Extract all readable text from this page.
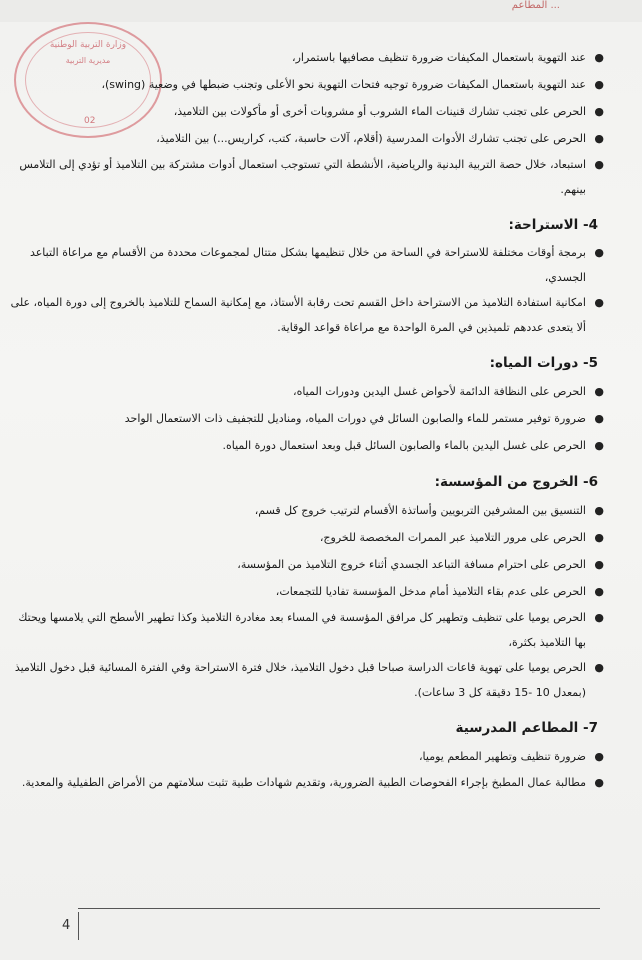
... المطاعم
وزارة التربية الوطنية
مديرية التربية
02

●
عند التهوية باستعمال المكيفات ضرورة تنظيف مصافيها باستمرار،

●
عند التهوية باستعمال المكيفات ضرورة توجيه فتحات التهوية نحو الأعلى وتجنب ضبطها في وضعية (swing)،

●
الحرص على تجنب تشارك قنينات الماء الشروب أو مشروبات أخرى أو مأكولات بين التلاميذ،

●
الحرص على تجنب تشارك الأدوات المدرسية (أقلام، آلات حاسبة، كتب، كراريس...) بين التلاميذ،

●
استبعاد، خلال حصة التربية البدنية والرياضية، الأنشطة التي تستوجب استعمال أدوات مشتركة بين التلاميذ أو تؤدي إلى التلامس بينهم.

4- الاستراحة:

●
برمجة أوقات مختلفة للاستراحة في الساحة من خلال تنظيمها بشكل متتال لمجموعات محددة من الأقسام مع مراعاة التباعد الجسدي،

●
امكانية استفادة التلاميذ من الاستراحة داخل القسم تحت رقابة الأستاذ، مع إمكانية السماح للتلاميذ بالخروج إلى دورة المياه، على ألا يتعدى عددهم تلميذين في المرة الواحدة مع مراعاة قواعد الوقاية.

5- دورات المياه:

●
الحرص على النظافة الدائمة لأحواض غسل اليدين ودورات المياه،

●
ضرورة توفير مستمر للماء والصابون السائل في دورات المياه، ومناديل للتجفيف ذات الاستعمال الواحد

●
الحرص على غسل اليدين بالماء والصابون السائل قبل وبعد استعمال دورة المياه.

6- الخروج من المؤسسة:

●
التنسيق بين المشرفين التربويين وأساتذة الأقسام لترتيب خروج كل قسم،

●
الحرص على مرور التلاميذ عبر الممرات المخصصة للخروج،

●
الحرص على احترام مسافة التباعد الجسدي أثناء خروج التلاميذ من المؤسسة،

●
الحرص على عدم بقاء التلاميذ أمام مدخل المؤسسة تفاديا للتجمعات،

●
الحرص يوميا على تنظيف وتطهير كل مرافق المؤسسة في المساء بعد مغادرة التلاميذ وكذا تطهير الأسطح التي يلامسها ويحتك بها التلاميذ بكثرة،

●
الحرص يوميا على تهوية قاعات الدراسة صباحا قبل دخول التلاميذ، خلال فترة الاستراحة وفي الفترة المسائية قبل دخول التلاميذ (بمعدل 10 -15 دقيقة كل 3 ساعات).

7- المطاعم المدرسية

●
ضرورة تنظيف وتطهير المطعم يوميا،

●
مطالبة عمال المطبخ بإجراء الفحوصات الطبية الضرورية، وتقديم شهادات طبية تثبت سلامتهم من الأمراض الطفيلية والمعدية.

4
